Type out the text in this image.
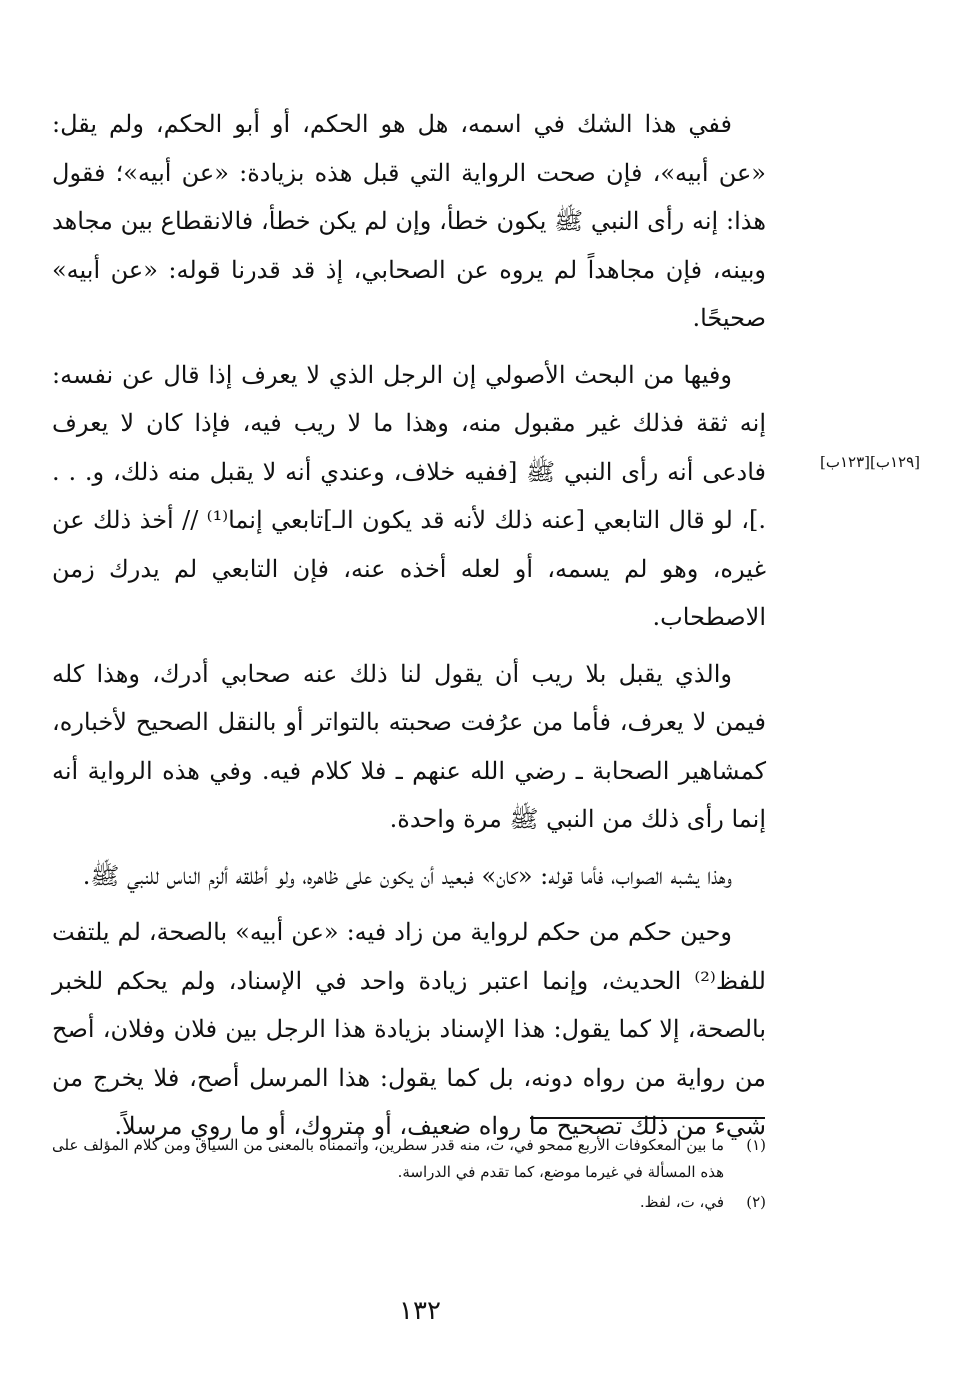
ففي هذا الشك في اسمه، هل هو الحكم، أو أبو الحكم، ولم يقل: «عن أبيه»، فإن صحت الرواية التي قبل هذه بزيادة: «عن أبيه»؛ فقول هذا: إنه رأى النبي ﷺ يكون خطأ، وإن لم يكن خطأ، فالانقطاع بين مجاهد وبينه، فإن مجاهداً لم يروه عن الصحابي، إذ قد قدرنا قوله: «عن أبيه» صحيحًا.

وفيها من البحث الأصولي إن الرجل الذي لا يعرف إذا قال عن نفسه: إنه ثقة فذلك غير مقبول منه، وهذا ما لا ريب فيه، فإذا كان لا يعرف فادعى أنه رأى النبي ﷺ [ففيه خلاف، وعندي أنه لا يقبل منه ذلك، و. . . .]، لو قال التابعي [عنه ذلك لأنه قد يكون الـ]تابعي إنما⁽¹⁾ // أخذ ذلك عن غيره، وهو لم يسمه، أو لعله أخذه عنه، فإن التابعي لم يدرك زمن الاصطحاب.

والذي يقبل بلا ريب أن يقول لنا ذلك عنه صحابي أدرك، وهذا كله فيمن لا يعرف، فأما من عرُفت صحبته بالتواتر أو بالنقل الصحيح لأخباره، كمشاهير الصحابة ـ رضي الله عنهم ـ فلا كلام فيه. وفي هذه الرواية أنه إنما رأى ذلك من النبي ﷺ مرة واحدة.

وهذا يشبه الصواب، فأما قوله: «كان» فبعيد أن يكون على ظاهره، ولو أطلقه ألزم الناس للنبي ﷺ.

وحين حكم من حكم لرواية من زاد فيه: «عن أبيه» بالصحة، لم يلتفت للفظ⁽²⁾ الحديث، وإنما اعتبر زيادة واحد في الإسناد، ولم يحكم للخبر بالصحة، إلا كما يقول: هذا الإسناد بزيادة هذا الرجل بين فلان وفلان، أصح من رواية من رواه دونه، بل كما يقول: هذا المرسل أصح، فلا يخرج من شيء من ذلك تصحيح ما رواه ضعيف، أو متروك، أو ما روي مرسلاً.

[١٢٩ب][١٢٣ب]
(١)
ما بين المعكوفات الأربع ممحو في، ت، منه قدر سطرين، وأتممناه بالمعنى من السياق ومن كلام المؤلف على هذه المسألة في غيرما موضع، كما تقدم في الدراسة.
(٢)
في، ت، لفظ.
١٣٢
